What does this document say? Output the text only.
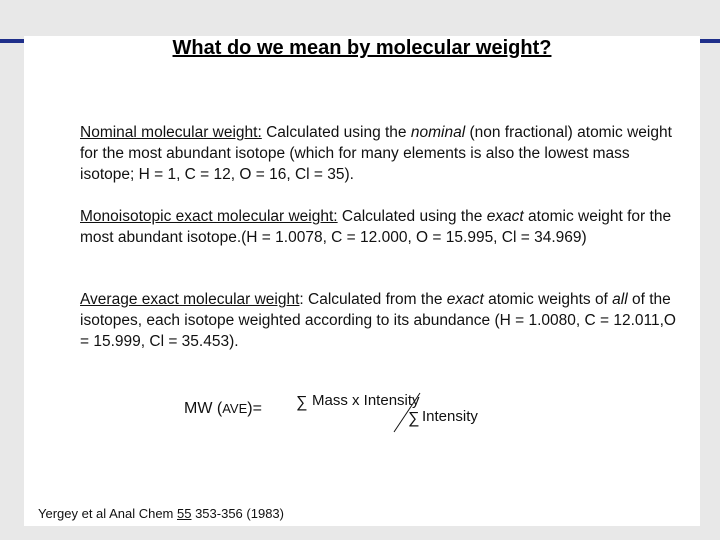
What do we mean by molecular weight?
Nominal molecular weight: Calculated using the nominal (non fractional) atomic weight for the most abundant isotope (which for many elements is also the lowest mass isotope; H = 1, C = 12, O = 16, Cl = 35).
Monoisotopic exact molecular weight: Calculated using the exact atomic weight for the most abundant isotope.(H = 1.0078, C = 12.000, O = 15.995, Cl = 34.969)
Average exact molecular weight: Calculated from the exact atomic weights of all of the isotopes, each isotope weighted according to its abundance (H = 1.0080, C = 12.011,O = 15.999, Cl = 35.453).
MW (AVE)= ∑ Mass x Intensity
∑ Intensity
Yergey et al Anal Chem 55 353-356 (1983)
